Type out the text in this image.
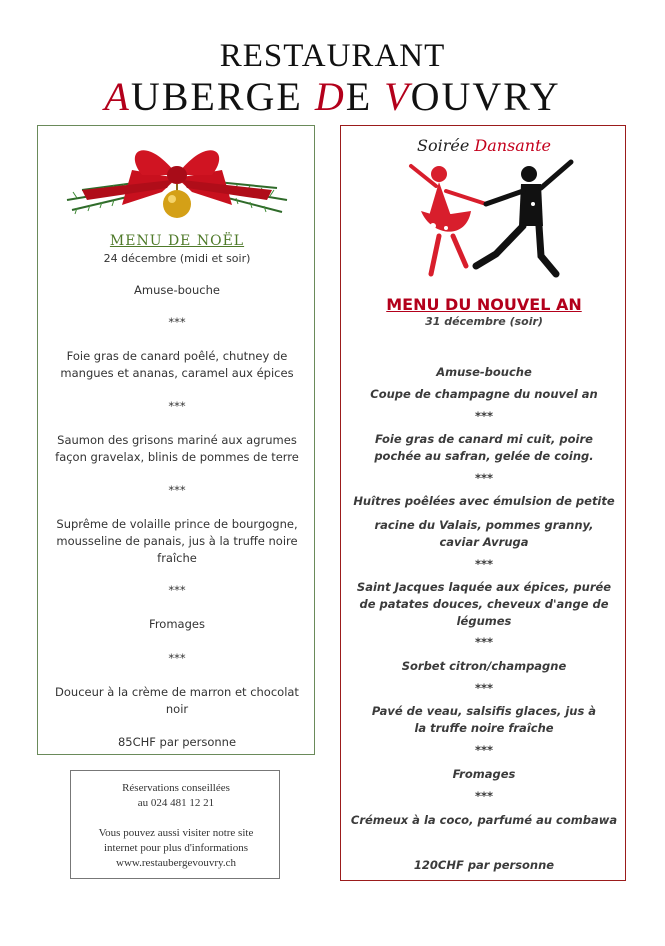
RESTAURANT
AUBERGE DE VOUVRY
MENU DE NOËL
24 décembre (midi et soir)
Amuse-bouche
***
Foie gras de canard poêlé, chutney de mangues et ananas, caramel aux épices
***
Saumon des grisons mariné aux agrumes façon gravelax, blinis de pommes de terre
***
Suprême de volaille prince de bourgogne, mousseline de panais, jus à la truffe noire fraîche
***
Fromages
***
Douceur à la crème de marron et chocolat noir
85CHF par personne
Réservations conseillées
au 024 481 12 21
Vous pouvez aussi visiter notre site
internet pour plus d'informations
www.restaubergevouvry.ch
Soirée Dansante
MENU DU NOUVEL AN
31 décembre (soir)
Amuse-bouche
Coupe de champagne du nouvel an
***
Foie gras de canard mi cuit, poire pochée au safran, gelée de coing.
***
Huîtres poêlées avec émulsion de petite
racine du Valais, pommes granny, caviar Avruga
***
Saint Jacques laquée aux épices, purée de patates douces, cheveux d'ange de légumes
***
Sorbet citron/champagne
***
Pavé de veau, salsifis glaces, jus à la truffe noire fraîche
***
Fromages
***
Crémeux à la coco, parfumé au combawa
120CHF par personne
